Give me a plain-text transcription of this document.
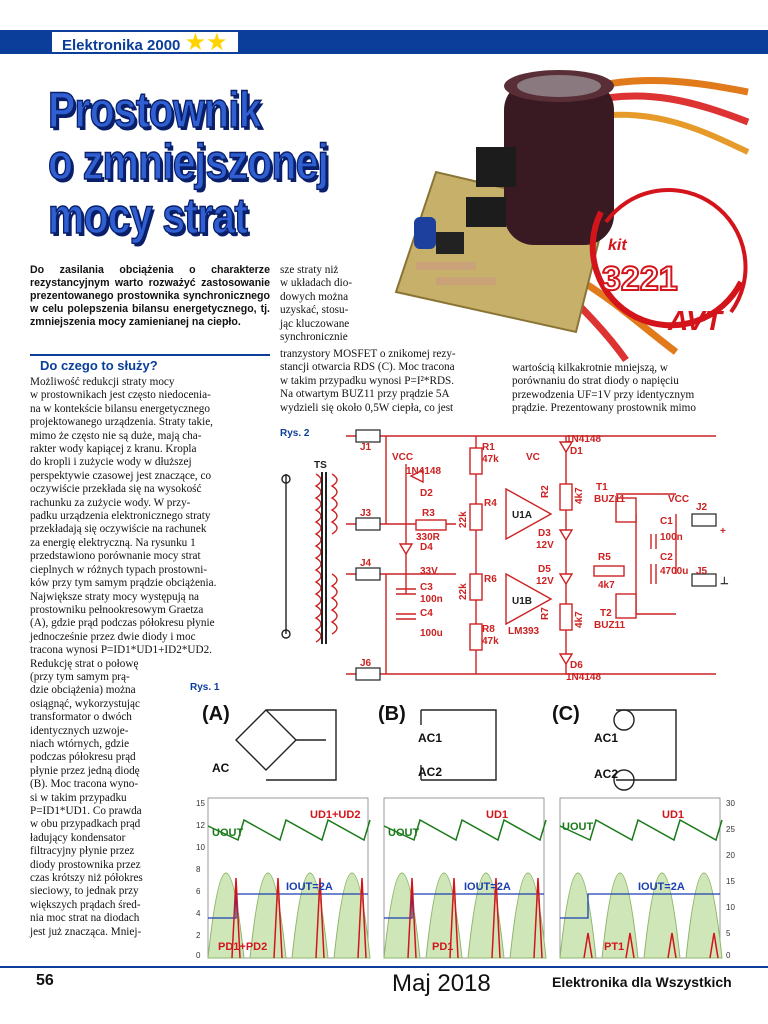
Elektronika 2000 ★★
Prostownik
o zmniejszonej
mocy strat
kit
3221
AVT

Do zasilania obciążenia o charakterze rezystancyjnym warto rozważyć zastosowanie prezentowanego prostownika synchronicznego w celu polepszenia bilansu energetycznego, tj. zmniejszenia mocy zamienianej na ciepło.

sze straty niż
w układach dio-
dowych można
uzyskać, stosu-
jąc kluczowane
synchronicznie
Do czego to służy?
Możliwość redukcji straty mocy
w prostownikach jest często niedocenia-
na w kontekście bilansu energetycznego
projektowanego urządzenia. Straty takie,
mimo że często nie są duże, mają cha-
rakter wody kapiącej z kranu. Kropla
do kropli i zużycie wody w dłuższej
perspektywie czasowej jest znaczące, co
oczywiście przekłada się na wysokość
rachunku za zużycie wody. W przy-
padku urządzenia elektronicznego straty
przekładają się oczywiście na rachunek
za energię elektryczną. Na rysunku 1
przedstawiono porównanie mocy strat
cieplnych w różnych typach prostowni-
ków przy tym samym prądzie obciążenia.
Największe straty mocy występują na
prostowniku pełnookresowym Graetza
(A), gdzie prąd podczas półokresu płynie
jednocześnie przez dwie diody i moc
tracona wynosi P=ID1*UD1+ID2*UD2.
Redukcję strat o połowę
(przy tym samym prą-
dzie obciążenia) można
osiągnąć, wykorzystując
transformator o dwóch
identycznych uzwoje-
niach wtórnych, gdzie
podczas półokresu prąd
płynie przez jedną diodę
(B). Moc tracona wyno-
si w takim przypadku
P=ID1*UD1. Co prawda
w obu przypadkach prąd
ładujący kondensator
filtracyjny płynie przez
diody prostownika przez
czas krótszy niż półokres
sieciowy, to jednak przy
większych prądach śred-
nia moc strat na diodach
jest już znacząca. Mniej-
tranzystory MOSFET o znikomej rezy-
stancji otwarcia RDS (C). Moc tracona
w takim przypadku wynosi P=I²*RDS.
Na otwartym BUZ11 przy prądzie 5A
wydzieli się około 0,5W ciepła, co jest
wartością kilkakrotnie mniejszą, w
porównaniu do strat diody o napięciu
przewodzenia UF=1V przy identycznym
prądzie. Prezentowany prostownik mimo
Rys. 2
J1
J2
J3
J4
J5
J6
TS
R1
47k
R2 4k7
R3
330R
R4
22k
R5
4k7
R6
22k
R7 4k7
R8
47k
D1
1N4148
D2
1N4148
D3
12V
D4
33V	D5
12V
D6
1N4148
C1
100n
C2
4700u
C3
100n
C4
100u
U1A
U1B
LM393
T1
BUZ11
T2
BUZ11
VCC
VCC
VC
+
⊥
Rys. 1
(A)	(B)	(C)
AC
AC1
AC2
AC1
AC2
15
12
10
8
6
4
2
0
30
25
20
15
10
5
0
UOUT	UOUT	UOUT
IOUT=2A	IOUT=2A	IOUT=2A
UD1+UD2	UD1	UD1
PD1+PD2	PD1	PT1
56	Maj 2018	Elektronika dla Wszystkich
